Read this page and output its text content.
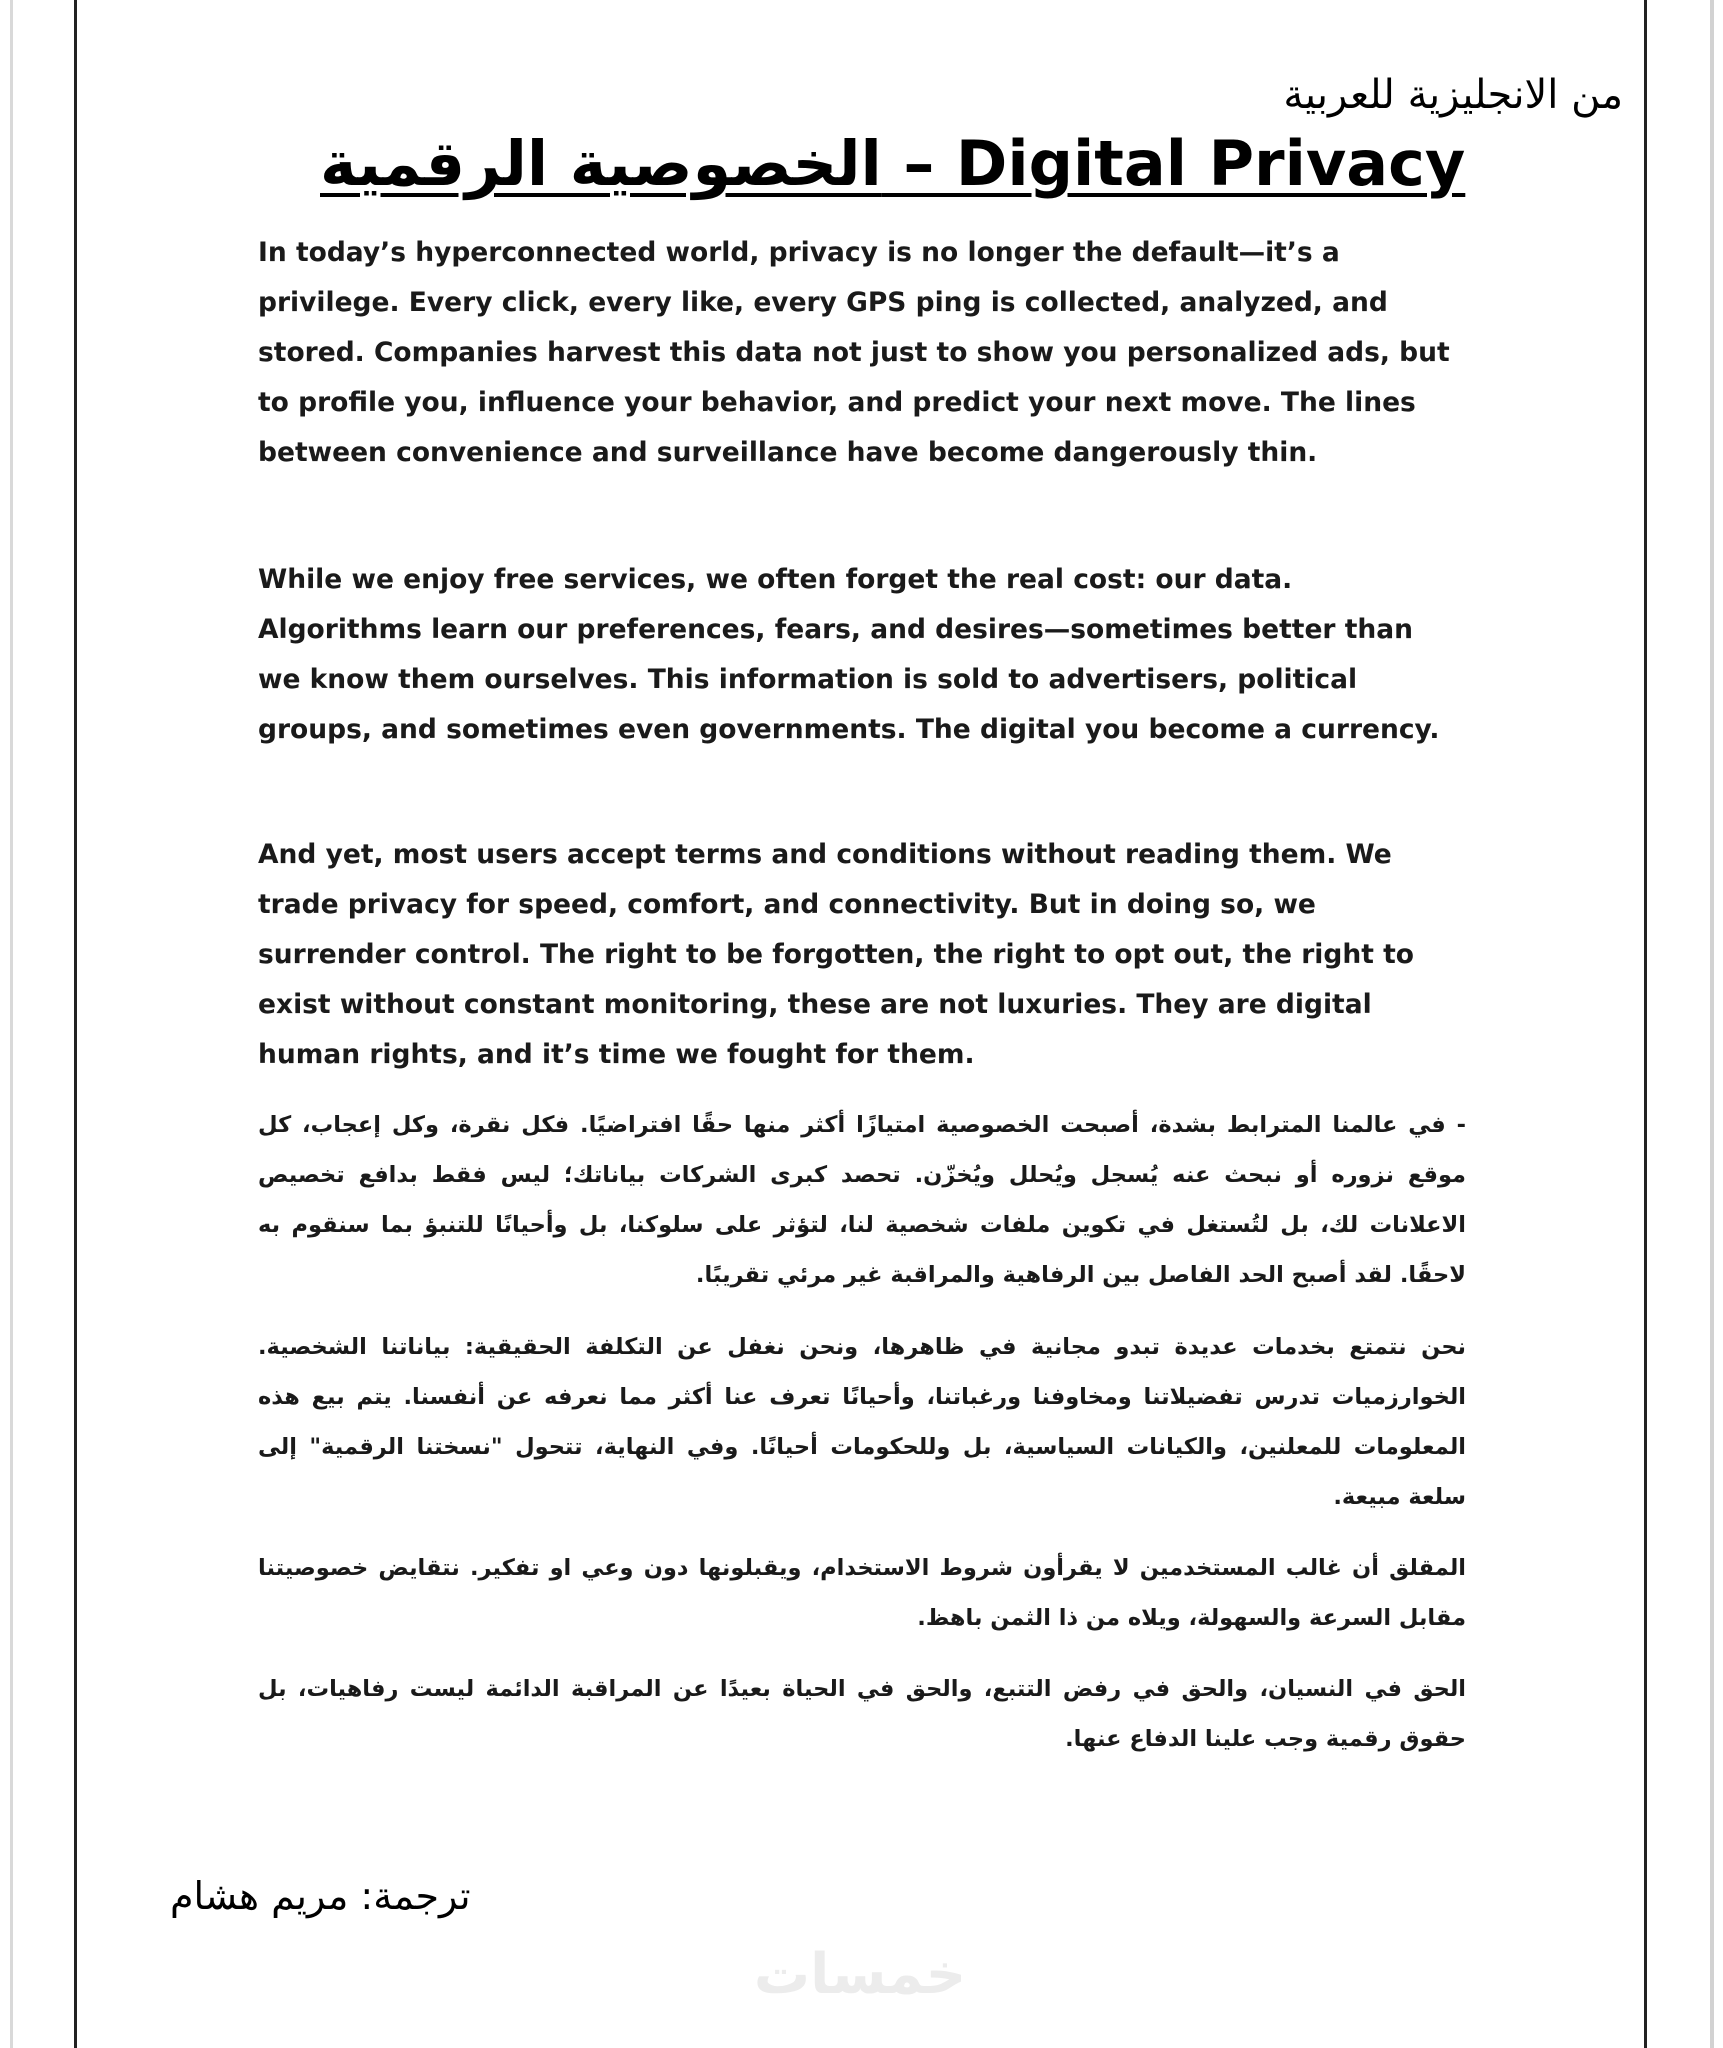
من الانجليزية للعربية
الخصوصية الرقمية – Digital Privacy

In today’s hyperconnected world, privacy is no longer the default—it’s a privilege. Every click, every like, every GPS ping is collected, analyzed, and stored. Companies harvest this data not just to show you personalized ads, but to profile you, influence your behavior, and predict your next move. The lines between convenience and surveillance have become dangerously thin.

While we enjoy free services, we often forget the real cost: our data. Algorithms learn our preferences, fears, and desires—sometimes better than we know them ourselves. This information is sold to advertisers, political groups, and sometimes even governments. The digital you become a currency.

And yet, most users accept terms and conditions without reading them. We trade privacy for speed, comfort, and connectivity. But in doing so, we surrender control. The right to be forgotten, the right to opt out, the right to exist without constant monitoring, these are not luxuries. They are digital human rights, and it’s time we fought for them.

- في عالمنا المترابط بشدة، أصبحت الخصوصية امتيازًا أكثر منها حقًا افتراضيًا. فكل نقرة، وكل إعجاب، كل موقع نزوره أو نبحث عنه يُسجل ويُحلل ويُخزّن. تحصد كبرى الشركات بياناتك؛ ليس فقط بدافع تخصيص الاعلانات لك، بل لتُستغل في تكوين ملفات شخصية لنا، لتؤثر على سلوكنا، بل وأحيانًا للتنبؤ بما سنقوم به لاحقًا. لقد أصبح الحد الفاصل بين الرفاهية والمراقبة غير مرئي تقريبًا.

نحن نتمتع بخدمات عديدة تبدو مجانية في ظاهرها، ونحن نغفل عن التكلفة الحقيقية: بياناتنا الشخصية. الخوارزميات تدرس تفضيلاتنا ومخاوفنا ورغباتنا، وأحيانًا تعرف عنا أكثر مما نعرفه عن أنفسنا. يتم بيع هذه المعلومات للمعلنين، والكيانات السياسية، بل وللحكومات أحيانًا. وفي النهاية، تتحول "نسختنا الرقمية" إلى سلعة مبيعة.

المقلق أن غالب المستخدمين لا يقرأون شروط الاستخدام، ويقبلونها دون وعي او تفكير. نتقايض خصوصيتنا مقابل السرعة والسهولة، ويلاه من ذا الثمن باهظ.

الحق في النسيان، والحق في رفض التتبع، والحق في الحياة بعيدًا عن المراقبة الدائمة ليست رفاهيات، بل حقوق رقمية وجب علينا الدفاع عنها.

ترجمة: مريم هشام
خمسات
